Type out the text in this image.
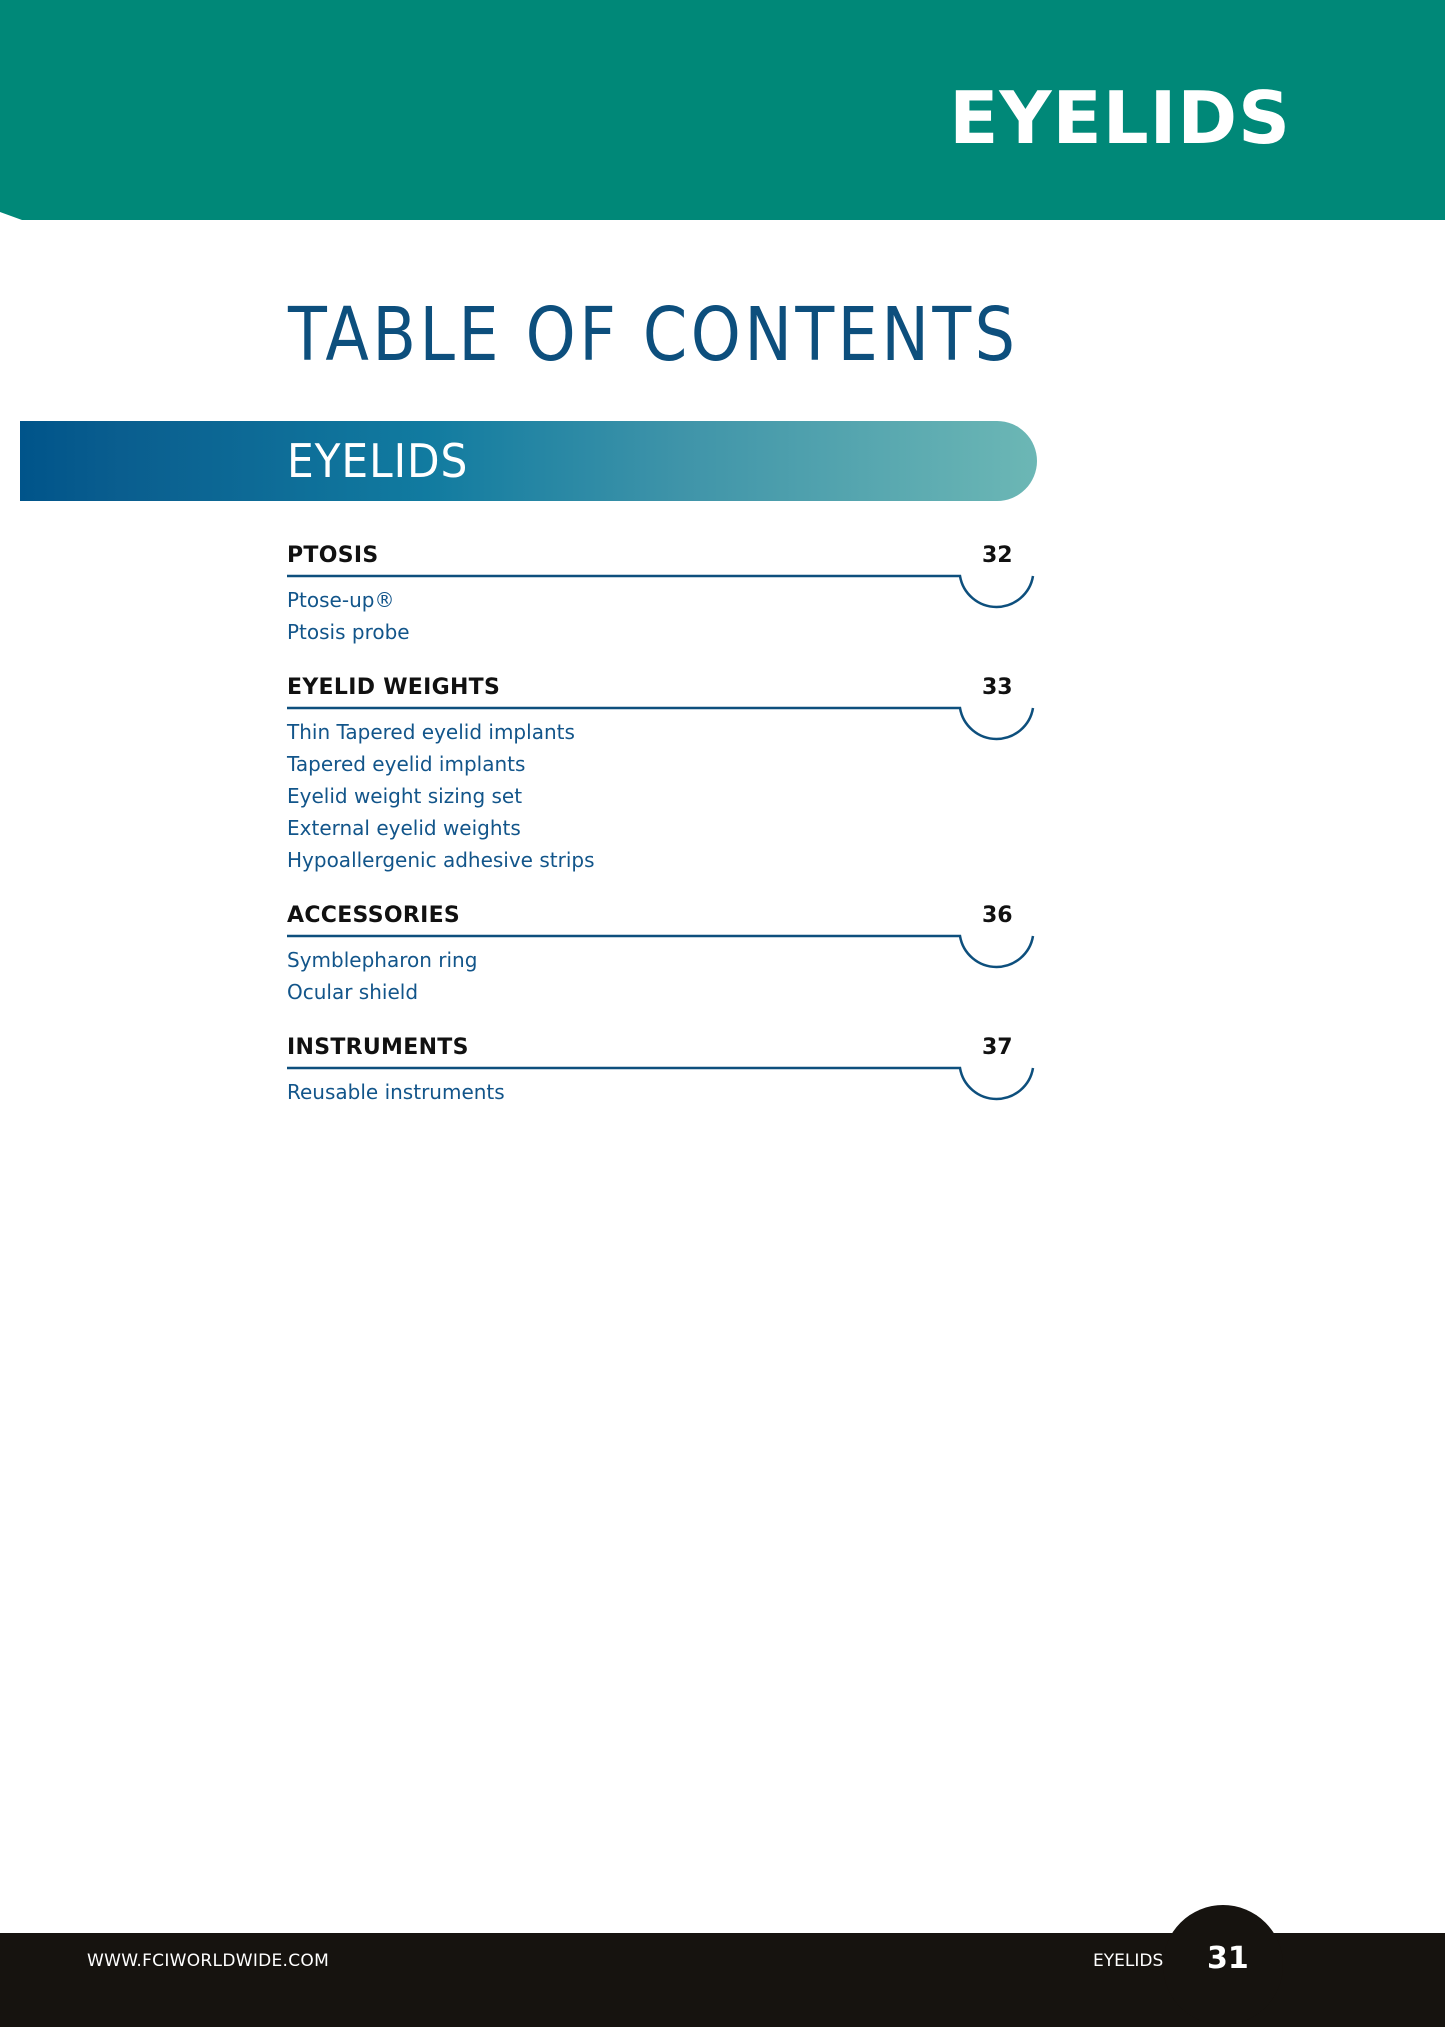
EYELIDS
TABLE OF CONTENTS
EYELIDS
PTOSIS	32
Ptose-up®
Ptosis probe
EYELID WEIGHTS	33
Thin Tapered eyelid implants
Tapered eyelid implants
Eyelid weight sizing set
External eyelid weights
Hypoallergenic adhesive strips
ACCESSORIES	36
Symblepharon ring
Ocular shield
INSTRUMENTS	37
Reusable instruments
WWW.FCIWORLDWIDE.COM	EYELIDS 31
